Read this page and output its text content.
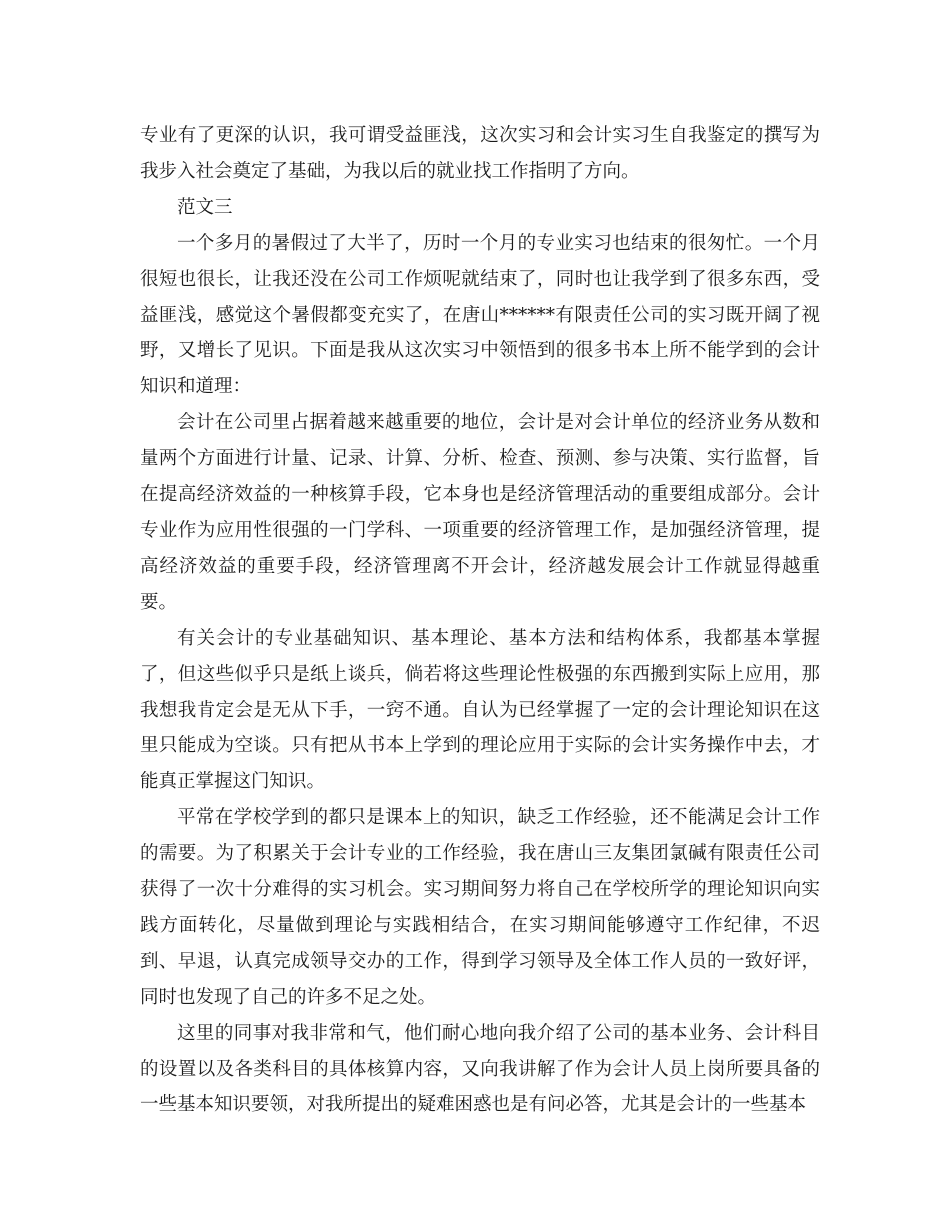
专业有了更深的认识，我可谓受益匪浅，这次实习和会计实习生自我鉴定的撰写为我步入社会奠定了基础，为我以后的就业找工作指明了方向。

范文三

一个多月的暑假过了大半了，历时一个月的专业实习也结束的很匆忙。一个月很短也很长，让我还没在公司工作烦呢就结束了，同时也让我学到了很多东西，受益匪浅，感觉这个暑假都变充实了，在唐山******有限责任公司的实习既开阔了视野，又增长了见识。下面是我从这次实习中领悟到的很多书本上所不能学到的会计知识和道理：

会计在公司里占据着越来越重要的地位，会计是对会计单位的经济业务从数和量两个方面进行计量、记录、计算、分析、检查、预测、参与决策、实行监督，旨在提高经济效益的一种核算手段，它本身也是经济管理活动的重要组成部分。会计专业作为应用性很强的一门学科、一项重要的经济管理工作，是加强经济管理，提高经济效益的重要手段，经济管理离不开会计，经济越发展会计工作就显得越重要。

有关会计的专业基础知识、基本理论、基本方法和结构体系，我都基本掌握了，但这些似乎只是纸上谈兵，倘若将这些理论性极强的东西搬到实际上应用，那我想我肯定会是无从下手，一窍不通。自认为已经掌握了一定的会计理论知识在这里只能成为空谈。只有把从书本上学到的理论应用于实际的会计实务操作中去，才能真正掌握这门知识。

平常在学校学到的都只是课本上的知识，缺乏工作经验，还不能满足会计工作的需要。为了积累关于会计专业的工作经验，我在唐山三友集团氯碱有限责任公司获得了一次十分难得的实习机会。实习期间努力将自己在学校所学的理论知识向实践方面转化，尽量做到理论与实践相结合，在实习期间能够遵守工作纪律，不迟到、早退，认真完成领导交办的工作，得到学习领导及全体工作人员的一致好评，同时也发现了自己的许多不足之处。

这里的同事对我非常和气，他们耐心地向我介绍了公司的基本业务、会计科目的设置以及各类科目的具体核算内容，又向我讲解了作为会计人员上岗所要具备的一些基本知识要领，对我所提出的疑难困惑也是有问必答，尤其是会计的一些基本
